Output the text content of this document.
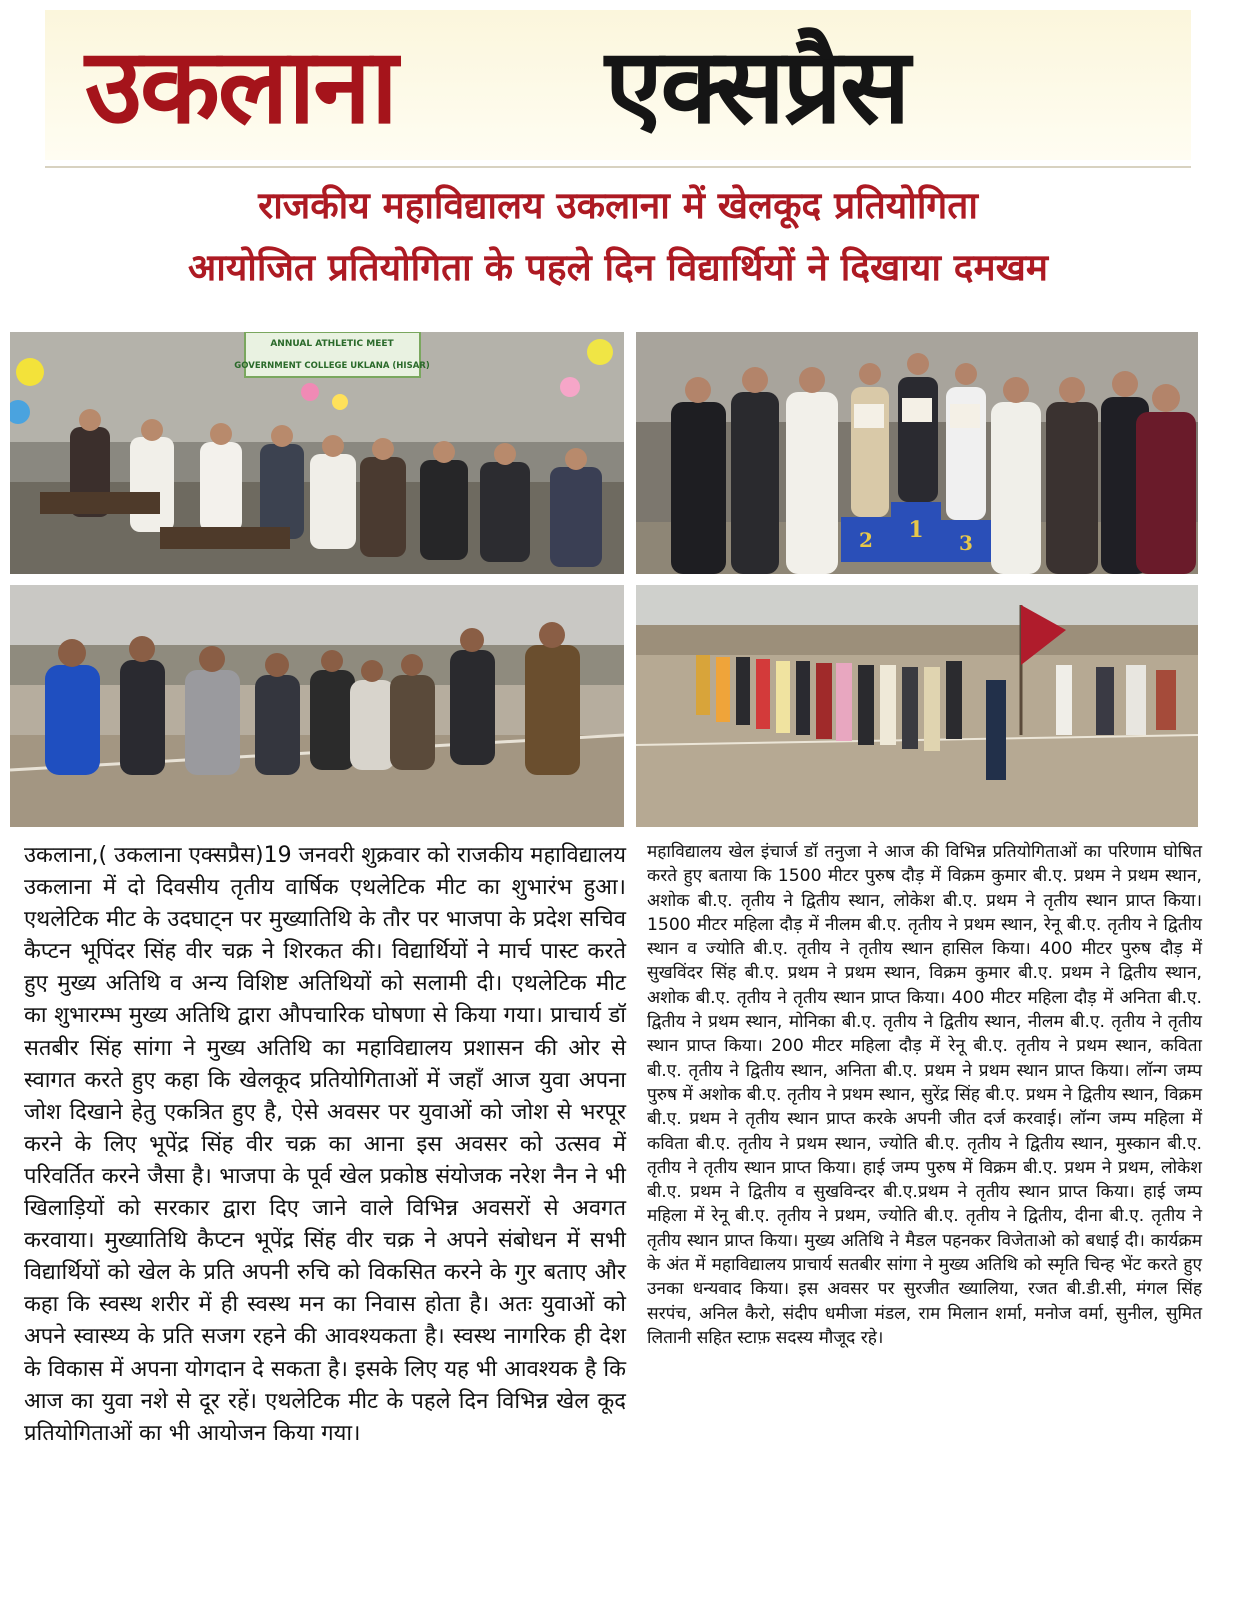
उकलाना एक्सप्रैस
राजकीय महाविद्यालय उकलाना में खेलकूद प्रतियोगिता
आयोजित प्रतियोगिता के पहले दिन विद्यार्थियों ने दिखाया दमखम
ANNUAL ATHLETIC MEET
GOVERNMENT COLLEGE UKLANA (HISAR)
2 1 3
उकलाना,( उकलाना एक्सप्रैस)19 जनवरी शुक्रवार को राजकीय महाविद्यालय उकलाना में दो दिवसीय तृतीय वार्षिक एथलेटिक मीट का शुभारंभ हुआ। एथलेटिक मीट के उदघाट्न पर मुख्यातिथि के तौर पर भाजपा के प्रदेश सचिव कैप्टन भूपिंदर सिंह वीर चक्र ने शिरकत की। विद्यार्थियों ने मार्च पास्ट करते हुए मुख्य अतिथि व अन्य विशिष्ट अतिथियों को सलामी दी। एथलेटिक मीट का शुभारम्भ मुख्य अतिथि द्वारा औपचारिक घोषणा से किया गया। प्राचार्य डॉ सतबीर सिंह सांगा ने मुख्य अतिथि का महाविद्यालय प्रशासन की ओर से स्वागत करते हुए कहा कि खेलकूद प्रतियोगिताओं में जहाँ आज युवा अपना जोश दिखाने हेतु एकत्रित हुए है, ऐसे अवसर पर युवाओं को जोश से भरपूर करने के लिए भूपेंद्र सिंह वीर चक्र का आना इस अवसर को उत्सव में परिवर्तित करने जैसा है। भाजपा के पूर्व खेल प्रकोष्ठ संयोजक नरेश नैन ने भी खिलाड़ियों को सरकार द्वारा दिए जाने वाले विभिन्न अवसरों से अवगत करवाया। मुख्यातिथि कैप्टन भूपेंद्र सिंह वीर चक्र ने अपने संबोधन में सभी विद्यार्थियों को खेल के प्रति अपनी रुचि को विकसित करने के गुर बताए और कहा कि स्वस्थ शरीर में ही स्वस्थ मन का निवास होता है। अतः युवाओं को अपने स्वास्थ्य के प्रति सजग रहने की आवश्यकता है। स्वस्थ नागरिक ही देश के विकास में अपना योगदान दे सकता है। इसके लिए यह भी आवश्यक है कि आज का युवा नशे से दूर रहें। एथलेटिक मीट के पहले दिन विभिन्न खेल कूद प्रतियोगिताओं का भी आयोजन किया गया।
महाविद्यालय खेल इंचार्ज डॉ तनुजा ने आज की विभिन्न प्रतियोगिताओं का परिणाम घोषित करते हुए बताया कि 1500 मीटर पुरुष दौड़ में विक्रम कुमार बी.ए. प्रथम ने प्रथम स्थान, अशोक बी.ए. तृतीय ने द्वितीय स्थान, लोकेश बी.ए. प्रथम ने तृतीय स्थान प्राप्त किया। 1500 मीटर महिला दौड़ में नीलम बी.ए. तृतीय ने प्रथम स्थान, रेनू बी.ए. तृतीय ने द्वितीय स्थान व ज्योति बी.ए. तृतीय ने तृतीय स्थान हासिल किया। 400 मीटर पुरुष दौड़ में सुखविंदर सिंह बी.ए. प्रथम ने प्रथम स्थान, विक्रम कुमार बी.ए. प्रथम ने द्वितीय स्थान, अशोक बी.ए. तृतीय ने तृतीय स्थान प्राप्त किया। 400 मीटर महिला दौड़ में अनिता बी.ए. द्वितीय ने प्रथम स्थान, मोनिका बी.ए. तृतीय ने द्वितीय स्थान, नीलम बी.ए. तृतीय ने तृतीय स्थान प्राप्त किया। 200 मीटर महिला दौड़ में रेनू बी.ए. तृतीय ने प्रथम स्थान, कविता बी.ए. तृतीय ने द्वितीय स्थान, अनिता बी.ए. प्रथम ने प्रथम स्थान प्राप्त किया। लॉन्ग जम्प पुरुष में अशोक बी.ए. तृतीय ने प्रथम स्थान, सुरेंद्र सिंह बी.ए. प्रथम ने द्वितीय स्थान, विक्रम बी.ए. प्रथम ने तृतीय स्थान प्राप्त करके अपनी जीत दर्ज करवाई। लॉन्ग जम्प महिला में कविता बी.ए. तृतीय ने प्रथम स्थान, ज्योति बी.ए. तृतीय ने द्वितीय स्थान, मुस्कान बी.ए. तृतीय ने तृतीय स्थान प्राप्त किया। हाई जम्प पुरुष में विक्रम बी.ए. प्रथम ने प्रथम, लोकेश बी.ए. प्रथम ने द्वितीय व सुखविन्दर बी.ए.प्रथम ने तृतीय स्थान प्राप्त किया। हाई जम्प महिला में रेनू बी.ए. तृतीय ने प्रथम, ज्योति बी.ए. तृतीय ने द्वितीय, दीना बी.ए. तृतीय ने तृतीय स्थान प्राप्त किया। मुख्य अतिथि ने मैडल पहनकर विजेताओ को बधाई दी। कार्यक्रम के अंत में महाविद्यालय प्राचार्य सतबीर सांगा ने मुख्य अतिथि को स्मृति चिन्ह भेंट करते हुए उनका धन्यवाद किया। इस अवसर पर सुरजीत ख्यालिया, रजत बी.डी.सी, मंगल सिंह सरपंच, अनिल कैरो, संदीप धमीजा मंडल, राम मिलान शर्मा, मनोज वर्मा, सुनील, सुमित लितानी सहित स्टाफ़ सदस्य मौजूद रहे।
